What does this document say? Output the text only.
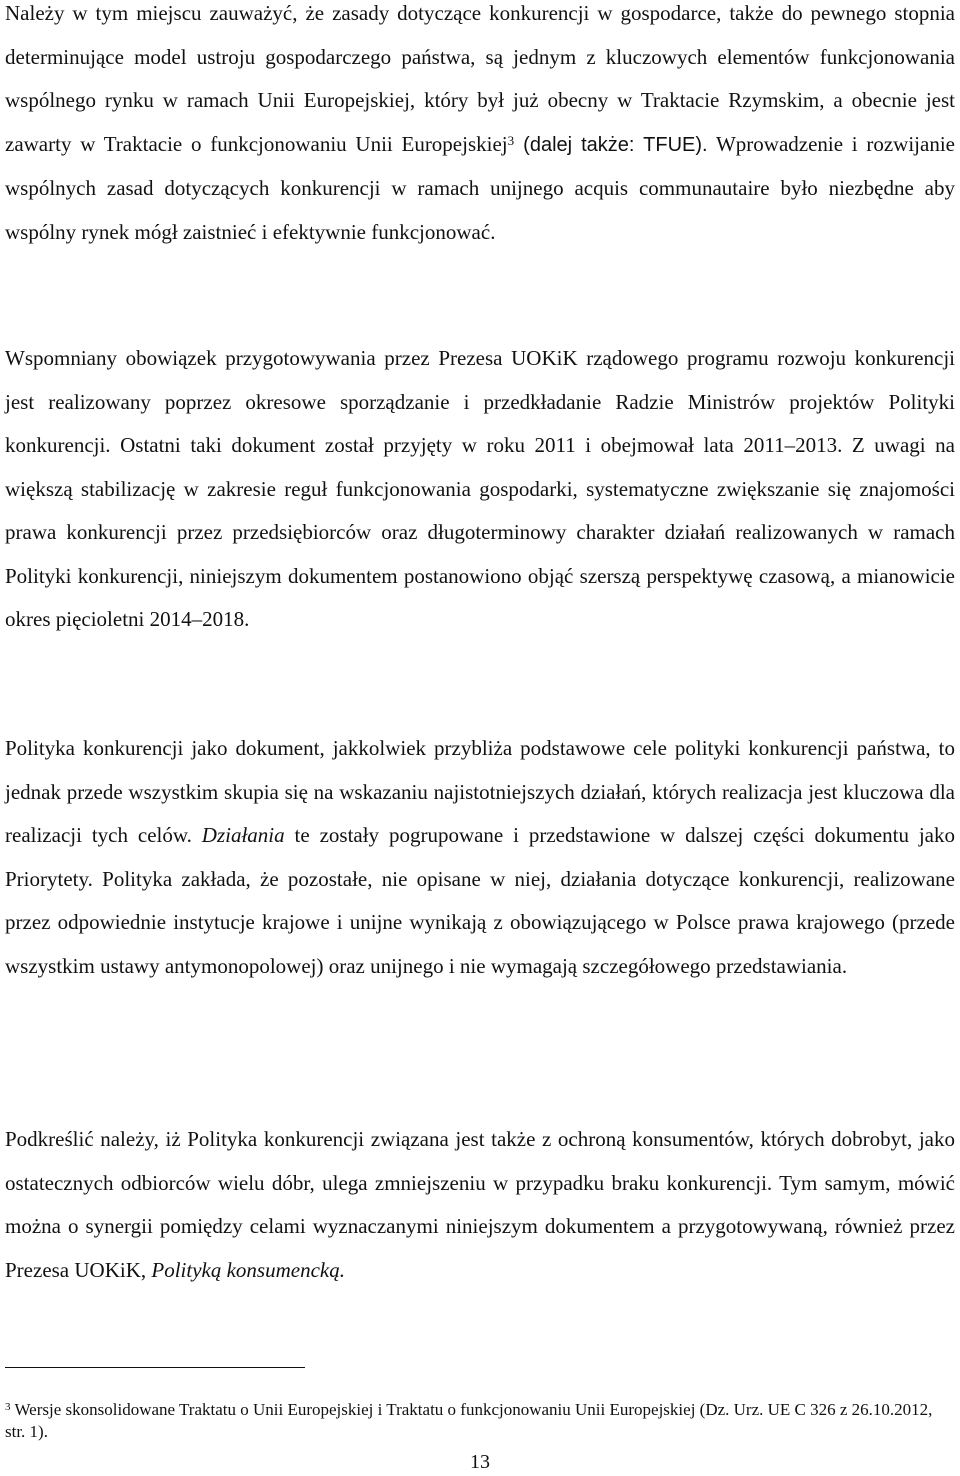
Należy w tym miejscu zauważyć, że zasady dotyczące konkurencji w gospodarce, także do pewnego stopnia determinujące model ustroju gospodarczego państwa, są jednym z kluczowych elementów funkcjonowania wspólnego rynku w ramach Unii Europejskiej, który był już obecny w Traktacie Rzymskim, a obecnie jest zawarty w Traktacie o funkcjonowaniu Unii Europejskiej$^3$ (dalej także: TFUE). Wprowadzenie i rozwijanie wspólnych zasad dotyczących konkurencji w ramach unijnego acquis communautaire było niezbędne aby wspólny rynek mógł zaistnieć i efektywnie funkcjonować.

Wspomniany obowiązek przygotowywania przez Prezesa UOKiK rządowego programu rozwoju konkurencji jest realizowany poprzez okresowe sporządzanie i przedkładanie Radzie Ministrów projektów Polityki konkurencji. Ostatni taki dokument został przyjęty w roku 2011 i obejmował lata 2011–2013. Z uwagi na większą stabilizację w zakresie reguł funkcjonowania gospodarki, systematyczne zwiększanie się znajomości prawa konkurencji przez przedsiębiorców oraz długoterminowy charakter działań realizowanych w ramach Polityki konkurencji, niniejszym dokumentem postanowiono objąć szerszą perspektywę czasową, a mianowicie okres pięcioletni 2014–2018.

Polityka konkurencji jako dokument, jakkolwiek przybliża podstawowe cele polityki konkurencji państwa, to jednak przede wszystkim skupia się na wskazaniu najistotniejszych działań, których realizacja jest kluczowa dla realizacji tych celów. Działania te zostały pogrupowane i przedstawione w dalszej części dokumentu jako Priorytety. Polityka zakłada, że pozostałe, nie opisane w niej, działania dotyczące konkurencji, realizowane przez odpowiednie instytucje krajowe i unijne wynikają z obowiązującego w Polsce prawa krajowego (przede wszystkim ustawy antymonopolowej) oraz unijnego i nie wymagają szczegółowego przedstawiania.

Podkreślić należy, iż Polityka konkurencji związana jest także z ochroną konsumentów, których dobrobyt, jako ostatecznych odbiorców wielu dóbr, ulega zmniejszeniu w przypadku braku konkurencji. Tym samym, mówić można o synergii pomiędzy celami wyznaczanymi niniejszym dokumentem a przygotowywaną, również przez Prezesa UOKiK, Polityką konsumencką.

$^3$ Wersje skonsolidowane Traktatu o Unii Europejskiej i Traktatu o funkcjonowaniu Unii Europejskiej (Dz. Urz. UE C 326 z 26.10.2012, str. 1).

13
